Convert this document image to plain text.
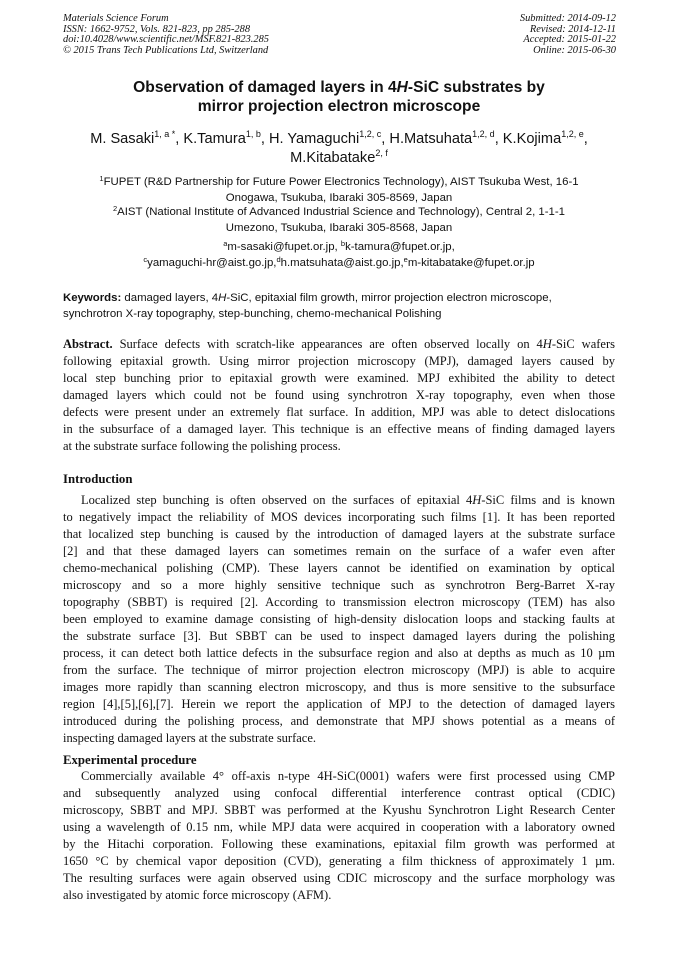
Materials Science Forum
ISSN: 1662-9752, Vols. 821-823, pp 285-288
doi:10.4028/www.scientific.net/MSF.821-823.285
© 2015 Trans Tech Publications Ltd, Switzerland
Submitted: 2014-09-12
Revised: 2014-12-11
Accepted: 2015-01-22
Online: 2015-06-30
Observation of damaged layers in 4H-SiC substrates by
mirror projection electron microscope
M. Sasaki$^{1, a *}$, K.Tamura$^{1, b}$, H. Yamaguchi$^{1,2, c}$, H.Matsuhata$^{1,2, d}$, K.Kojima$^{1,2, e}$,
M.Kitabatake$^{2, f}$
$^1$FUPET (R&D Partnership for Future Power Electronics Technology), AIST Tsukuba West, 16-1
Onogawa, Tsukuba, Ibaraki 305-8569, Japan
$^2$AIST (National Institute of Advanced Industrial Science and Technology), Central 2, 1-1-1
Umezono, Tsukuba, Ibaraki 305-8568, Japan
$^a$m-sasaki@fupet.or.jp, $^b$k-tamura@fupet.or.jp,
$^c$yamaguchi-hr@aist.go.jp,$^d$h.matsuhata@aist.go.jp,$^e$m-kitabatake@fupet.or.jp
Keywords: damaged layers, 4H-SiC, epitaxial film growth, mirror projection electron microscope,
synchrotron X-ray topography, step-bunching, chemo-mechanical Polishing
Abstract. Surface defects with scratch-like appearances are often observed locally on 4H-SiC wafers
following epitaxial growth. Using mirror projection microscopy (MPJ), damaged layers caused by
local step bunching prior to epitaxial growth were examined. MPJ exhibited the ability to detect
damaged layers which could not be found using synchrotron X-ray topography, even when those
defects were present under an extremely flat surface. In addition, MPJ was able to detect dislocations
in the subsurface of a damaged layer. This technique is an effective means of finding damaged layers
at the substrate surface following the polishing process.
Introduction
Localized step bunching is often observed on the surfaces of epitaxial 4H-SiC films and is known
to negatively impact the reliability of MOS devices incorporating such films [1]. It has been reported
that localized step bunching is caused by the introduction of damaged layers at the substrate surface
[2] and that these damaged layers can sometimes remain on the surface of a wafer even after
chemo-mechanical polishing (CMP). These layers cannot be identified on examination by optical
microscopy and so a more highly sensitive technique such as synchrotron Berg-Barret X-ray
topography (SBBT) is required [2]. According to transmission electron microscopy (TEM) has also
been employed to examine damage consisting of high-density dislocation loops and stacking faults at
the substrate surface [3]. But SBBT can be used to inspect damaged layers during the polishing
process, it can detect both lattice defects in the subsurface region and also at depths as much as 10 µm
from the surface. The technique of mirror projection electron microscopy (MPJ) is able to acquire
images more rapidly than scanning electron microscopy, and thus is more sensitive to the subsurface
region [4],[5],[6],[7]. Herein we report the application of MPJ to the detection of damaged layers
introduced during the polishing process, and demonstrate that MPJ shows potential as a means of
inspecting damaged layers at the substrate surface.
Experimental procedure
Commercially available 4° off-axis n-type 4H-SiC(0001) wafers were first processed using CMP
and subsequently analyzed using confocal differential interference contrast optical (CDIC)
microscopy, SBBT and MPJ. SBBT was performed at the Kyushu Synchrotron Light Research Center
using a wavelength of 0.15 nm, while MPJ data were acquired in cooperation with a laboratory owned
by the Hitachi corporation. Following these examinations, epitaxial film growth was performed at
1650 °C by chemical vapor deposition (CVD), generating a film thickness of approximately 1 µm.
The resulting surfaces were again observed using CDIC microscopy and the surface morphology was
also investigated by atomic force microscopy (AFM).
